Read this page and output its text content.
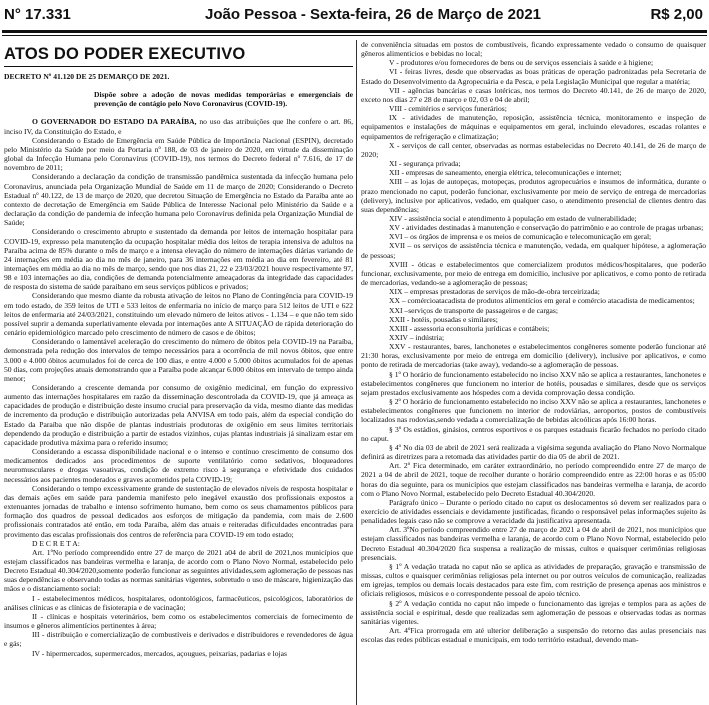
N° 17.331	João Pessoa - Sexta-feira, 26 de Março de 2021	R$ 2,00
ATOS DO PODER EXECUTIVO

DECRETO Nº 41.120 DE 25 DEMARÇO DE 2021.

Dispõe sobre a adoção de novas medidas temporárias e emergenciais de prevenção de contágio pelo Novo Coronavírus (COVID-19).

O GOVERNADOR DO ESTADO DA PARAÍBA, no uso das atribuições que lhe confere o art. 86, inciso IV, da Constituição do Estado, e

Considerando o Estado de Emergência em Saúde Pública de Importância Nacional (ESPIN), decretado pelo Ministério da Saúde por meio da Portaria nº 188, de 03 de janeiro de 2020, em virtude da disseminação global da Infecção Humana pelo Coronavírus (COVID-19), nos termos do Decreto federal nº 7.616, de 17 de novembro de 2011;

Considerando a declaração da condição de transmissão pandêmica sustentada da infecção humana pelo Coronavírus, anunciada pela Organização Mundial de Saúde em 11 de março de 2020; Considerando o Decreto Estadual nº 40.122, de 13 de março de 2020, que decretou Situação de Emergência no Estado da Paraíba ante ao contexto de decretação de Emergência em Saúde Pública de Interesse Nacional pelo Ministério da Saúde e a declaração da condição de pandemia de infecção humana pelo Coronavírus definida pela Organização Mundial de Saúde;

Considerando o crescimento abrupto e sustentado da demanda por leitos de internação hospitalar para COVID-19, expresso pela manutenção da ocupação hospitalar média dos leitos de terapia intensiva de adultos na Paraíba acima de 85% durante o mês de março e a intensa elevação do número de internações diárias variando de 24 internações em média ao dia no mês de janeiro, para 36 internações em média ao dia em fevereiro, até 81 internações em média ao dia no mês de março, sendo que nos dias 21, 22 e 23/03/2021 houve respectivamente 97, 98 e 103 internações ao dia, condições de demanda potencialmente ameaçadoras da integridade das capacidades de resposta do sistema de saúde paraibano em seus serviços públicos e privados;

Considerando que mesmo diante da robusta ativação de leitos no Plano de Contingência para COVID-19 em todo estado, de 359 leitos de UTI e 533 leitos de enfermaria no início de março para 512 leitos de UTI e 622 leitos de enfermaria até 24/03/2021, constituindo um elevado número de leitos ativos - 1.134 – e que não tem sido possível suprir a demanda superlativamente elevada por internações ante A SITUAÇÃO de rápida deterioração do cenário epidemiológico marcado pelo crescimento de número de casos e de óbitos;

Considerando o lamentável aceleração do crescimento do número de óbitos pela COVID-19 na Paraíba, demonstrada pela redução dos intervalos de tempo necessários para a ocorrência de mil novos óbitos, que entre 3.000 e 4.000 óbitos acumulados foi de cerca de 100 dias, e entre 4.000 e 5.000 óbitos acumulados foi de apenas 50 dias, com projeções atuais demonstrando que a Paraíba pode alcançar 6.000 óbitos em intervalo de tempo ainda menor;

Considerando a crescente demanda por consumo de oxigênio medicinal, em função do expressivo aumento das internações hospitalares em razão da disseminação descontrolada da COVID-19, que já ameaça as capacidades de produção e distribuição deste insumo crucial para preservação da vida, mesmo diante das medidas de incremento da produção e distribuição autorizadas pela ANVISA em todo país, além da especial condição do Estado da Paraíba que não dispõe de plantas industriais produtoras de oxigênio em seus limites territoriais dependendo da produção e distribuição a partir de estados vizinhos, cujas plantas industriais já sinalizam estar em capacidade produtiva máxima para o referido insumo;

Considerando a escassa disponibilidade nacional e o intenso e contínuo crescimento de consumo dos medicamentos dedicados aos procedimentos de suporte ventilatório como sedativos, bloqueadores neuromusculares e drogas vasoativas, condição de extremo risco à segurança e efetividade dos cuidados necessários aos pacientes moderados e graves acometidos pela COVID-19;

Considerando o tempo excessivamente grande de sustentação de elevados níveis de resposta hospitalar e das demais ações em saúde para pandemia manifesto pelo inegável exaustão dos profissionais expostos a extenuantes jornadas de trabalho e intenso sofrimento humano, bem como os seus chamamentos públicos para formação dos quadros de pessoal dedicados aos esforços de mitigação da pandemia, com mais de 2.600 profissionais contratados até então, em toda Paraíba, além das atuais e reiteradas dificuldades encontradas para provimento das escalas profissionais dos centros de referência para COVID-19 em todo estado;

D E C R E T A:

Art. 1ºNo período compreendido entre 27 de março de 2021 a04 de abril de 2021,nos municípios que estejam classificados nas bandeiras vermelha e laranja, de acordo com o Plano Novo Normal, estabelecido pelo Decreto Estadual 40.304/2020,somente poderão funcionar as seguintes atividades,sem aglomeração de pessoas nas suas dependências e observando todas as normas sanitárias vigentes, sobretudo o uso de máscare, higienização das mãos e o distanciamento social:

I - estabelecimentos médicos, hospitalares, odontológicos, farmacêuticos, psicológicos, laboratórios de análises clínicas e as clínicas de fisioterapia e de vacinação;

II - clínicas e hospitais veterinários, bem como os estabelecimentos comerciais de fornecimento de insumos e gêneros alimentícios pertinentes à área;

III - distribuição e comercialização de combustíveis e derivados e distribuidores e revendedores de água e gás;

IV - hipermercados, supermercados, mercados, açougues, peixarias, padarias e lojas

de conveniência situadas em postos de combustíveis, ficando expressamente vedado o consumo de quaisquer gêneros alimentícios e bebidas no local;

V - produtores e/ou fornecedores de bens ou de serviços essenciais à saúde e à higiene;

VI - feiras livres, desde que observadas as boas práticas de operação padronizadas pela Secretaria de Estado do Desenvolvimento da Agropecuária e da Pesca, e pela Legislação Municipal que regular a matéria;

VII - agências bancárias e casas lotéricas, nos termos do Decreto 40.141, de 26 de março de 2020, exceto nos dias 27 e 28 de março e 02, 03 e 04 de abril;

VIII - cemitérios e serviços funerários;

IX - atividades de manutenção, reposição, assistência técnica, monitoramento e inspeção de equipamentos e instalações de máquinas e equipamentos em geral, incluindo elevadores, escadas rolantes e equipamentos de refrigeração e climatização;

X - serviços de call center, observadas as normas estabelecidas no Decreto 40.141, de 26 de março de 2020;

XI - segurança privada;

XII - empresas de saneamento, energia elétrica, telecomunicações e internet;

XIII – as lojas de autopeças, motopeças, produtos agropecuários e insumos de informática, durante o prazo mencionado no caput, poderão funcionar, exclusivamente por meio de serviço de entrega de mercadorias (delivery), inclusive por aplicativos, vedado, em qualquer caso, o atendimento presencial de clientes dentro das suas dependências;

XIV - assistência social e atendimento à população em estado de vulnerabilidade;

XV - atividades destinadas à manutenção e conservação do patrimônio e ao controle de pragas urbanas;

XVI – os órgãos de imprensa e os meios de comunicação e telecomunicação em geral;

XVII – os serviços de assistência técnica e manutenção, vedada, em qualquer hipótese, a aglomeração de pessoas;

XVIII - óticas e estabelecimentos que comercializem produtos médicos/hospitalares, que poderão funcionar, exclusivamente, por meio de entrega em domicílio, inclusive por aplicativos, e como ponto de retirada de mercadorias, vedando-se a aglomeração de pessoas;

XIX – empresas prestadoras de serviços de mão-de-obra terceirizada;

XX – comércioatacadista de produtos alimentícios em geral e comércio atacadista de medicamentos;

XXI –serviços de transporte de passageiros e de cargas;

XXII - hotéis, pousadas e similares;

XXIII - assessoria econsultoria jurídicas e contábeis;

XXIV – indústria;

XXV - restaurantes, bares, lanchonetes e estabelecimentos congêneres somente poderão funcionar até 21:30 horas, exclusivamente por meio de entrega em domicílio (delivery), inclusive por aplicativos, e como ponto de retirada de mercadorias (take away), vedando-se a aglomeração de pessoas.

§ 1º O horário de funcionamento estabelecido no inciso XXV não se aplica a restaurantes, lanchonetes e estabelecimentos congêneres que funcionem no interior de hotéis, pousadas e similares, desde que os serviços sejam prestados exclusivamente aos hóspedes com a devida comprovação dessa condição.

§ 2º O horário de funcionamento estabelecido no inciso XXV não se aplica a restaurantes, lanchonetes e estabelecimentos congêneres que funcionem no interior de rodoviárias, aeroportos, postos de combustíveis localizados nas rodovias,sendo vedada a comercialização de bebidas alcoólicas após 16:00 horas.

§ 3º Os estádios, ginásios, centros esportivos e os parques estaduais ficarão fechados no período citado no caput.

§ 4º No dia 03 de abril de 2021 será realizada a vigésima segunda avaliação do Plano Novo Normalque definirá as diretrizes para a retomada das atividades partir do dia 05 de abril de 2021.

Art. 2º Fica determinado, em caráter extraordinário, no período compreendido entre 27 de março de 2021 a 04 de abril de 2021, toque de recolher durante o horário compreendido entre as 22:00 horas e as 05:00 horas do dia seguinte, para os municípios que estejam classificados nas bandeiras vermelha e laranja, de acordo com o Plano Novo Normal, estabelecido pelo Decreto Estadual 40.304/2020.

Parágrafo único – Durante o período citado no caput os deslocamentos só devem ser realizados para o exercício de atividades essenciais e devidamente justificadas, ficando o responsável pelas informações sujeito às penalidades legais caso não se comprove a veracidade da justificativa apresentada.

Art. 3ºNo período compreendido entre 27 de março de 2021 a 04 de abril de 2021, nos municípios que estejam classificados nas bandeiras vermelha e laranja, de acordo com o Plano Novo Normal, estabelecido pelo Decreto Estadual 40.304/2020 fica suspensa a realização de missas, cultos e quaisquer cerimônias religiosas presenciais.

§ 1º A vedação tratada no caput não se aplica as atividades de preparação, gravação e transmissão de missas, cultos e quaisquer cerimônias religiosas pela internet ou por outros veículos de comunicação, realizadas em igrejas, templos ou demais locais destacados para este fim, com restrição de presença apenas aos ministros e oficiais religiosos, músicos e o correspondente pessoal de apoio técnico.

§ 2º A vedação contida no caput não impede o funcionamento das igrejas e templos para as ações de assistência social e espiritual, desde que realizadas sem aglomeração de pessoas e observadas todas as normas sanitárias vigentes.

Art. 4ºFica prorrogada em até ulterior deliberação a suspensão do retorno das aulas presenciais nas escolas das redes públicas estadual e municipais, em todo território estadual, devendo man-
